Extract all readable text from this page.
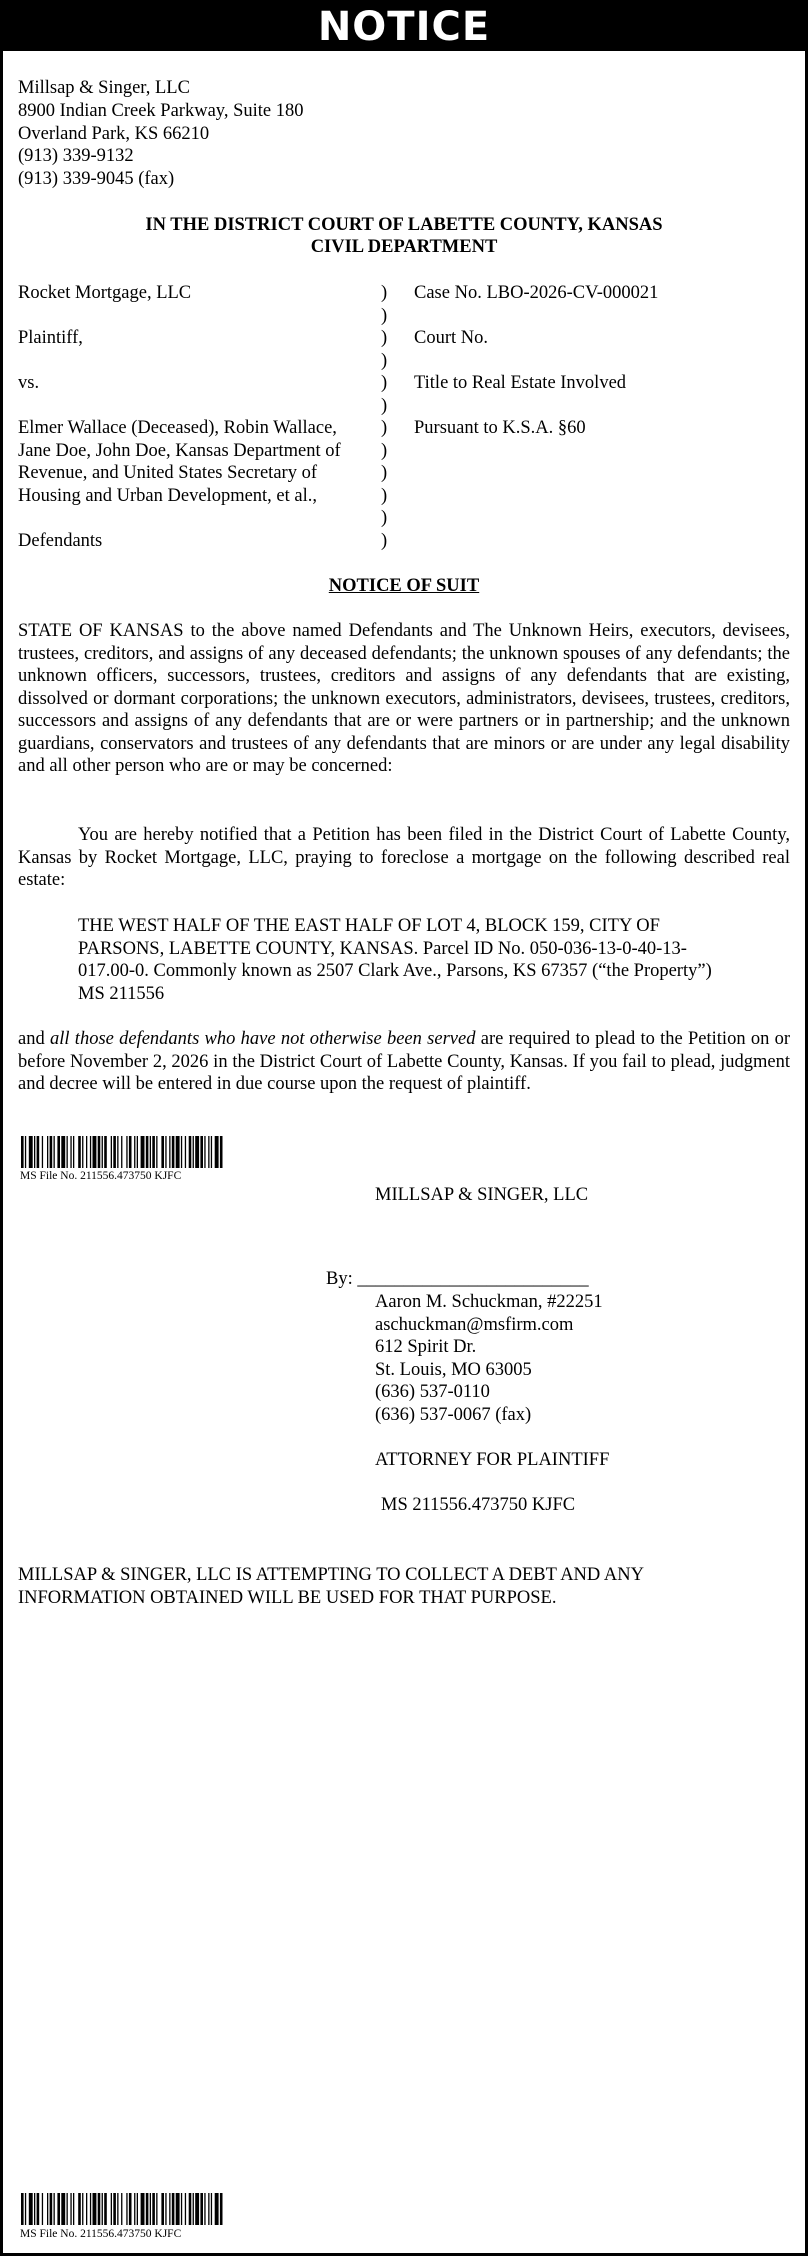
NOTICE
Millsap & Singer, LLC
8900 Indian Creek Parkway, Suite 180
Overland Park, KS 66210
(913) 339-9132
(913) 339-9045 (fax)
IN THE DISTRICT COURT OF LABETTE COUNTY, KANSAS
CIVIL DEPARTMENT
Rocket Mortgage, LLC
Plaintiff,
vs.
Elmer Wallace (Deceased), Robin Wallace,
Jane Doe, John Doe, Kansas Department of
Revenue, and United States Secretary of
Housing and Urban Development, et al.,
Defendants
)
)
)
)
)
)
)
)
)
)
)
)
Case No. LBO-2026-CV-000021
Court No.
Title to Real Estate Involved
Pursuant to K.S.A. §60
NOTICE OF SUIT
STATE OF KANSAS to the above named Defendants and The Unknown Heirs, executors, devisees, trustees, creditors, and assigns of any deceased defendants; the unknown spouses of any defendants; the unknown officers, successors, trustees, creditors and assigns of any defendants that are existing, dissolved or dormant corporations; the unknown executors, administrators, devisees, trustees, creditors, successors and assigns of any defendants that are or were partners or in partnership; and the unknown guardians, conservators and trustees of any defendants that are minors or are under any legal disability and all other person who are or may be concerned:
You are hereby notified that a Petition has been filed in the District Court of Labette County, Kansas by Rocket Mortgage, LLC, praying to foreclose a mortgage on the following described real estate:
THE WEST HALF OF THE EAST HALF OF LOT 4, BLOCK 159, CITY OF
PARSONS, LABETTE COUNTY, KANSAS. Parcel ID No. 050-036-13-0-40-13-
017.00-0. Commonly known as 2507 Clark Ave., Parsons, KS 67357 (“the Property”)
MS 211556
and all those defendants who have not otherwise been served are required to plead to the Petition on or before November 2, 2026 in the District Court of Labette County, Kansas. If you fail to plead, judgment and decree will be entered in due course upon the request of plaintiff.
MS File No. 211556.473750 KJFC
MILLSAP & SINGER, LLC
By: _________________________
Aaron M. Schuckman, #22251
aschuckman@msfirm.com
612 Spirit Dr.
St. Louis, MO 63005
(636) 537-0110
(636) 537-0067 (fax)
ATTORNEY FOR PLAINTIFF
MS 211556.473750 KJFC
MILLSAP & SINGER, LLC IS ATTEMPTING TO COLLECT A DEBT AND ANY
INFORMATION OBTAINED WILL BE USED FOR THAT PURPOSE.
MS File No. 211556.473750 KJFC
